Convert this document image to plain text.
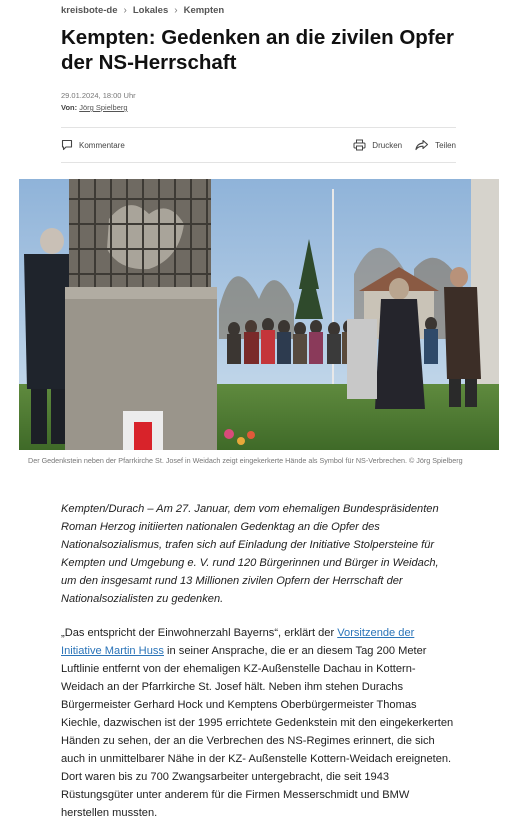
kreisbote-de › Lokales › Kempten
Kempten: Gedenken an die zivilen Opfer der NS-Herrschaft
29.01.2024, 18:00 Uhr
Von: Jörg Spielberg
Kommentare	Drucken	Teilen
Der Gedenkstein neben der Pfarrkirche St. Josef in Weidach zeigt eingekerkerte Hände als Symbol für NS-Verbrechen. © Jörg Spielberg

Kempten/Durach – Am 27. Januar, dem vom ehemaligen Bundespräsidenten Roman Herzog initiierten nationalen Gedenktag an die Opfer des Nationalsozialismus, trafen sich auf Einladung der Initiative Stolpersteine für Kempten und Umgebung e. V. rund 120 Bürgerinnen und Bürger in Weidach, um den insgesamt rund 13 Millionen zivilen Opfern der Herrschaft der Nationalsozialisten zu gedenken.

„Das entspricht der Einwohnerzahl Bayerns“, erklärt der Vorsitzende der Initiative Martin Huss in seiner Ansprache, die er an diesem Tag 200 Meter Luftlinie entfernt von der ehemaligen KZ-Außenstelle Dachau in Kottern-Weidach an der Pfarrkirche St. Josef hält. Neben ihm stehen Durachs Bürgermeister Gerhard Hock und Kemptens Oberbürgermeister Thomas Kiechle, dazwischen ist der 1995 errichtete Gedenkstein mit den eingekerkerten Händen zu sehen, der an die Verbrechen des NS-Regimes erinnert, die sich auch in unmittelbarer Nähe in der KZ- Außenstelle Kottern-Weidach ereigneten. Dort waren bis zu 700 Zwangsarbeiter untergebracht, die seit 1943 Rüstungsgüter unter anderem für die Firmen Messerschmidt und BMW herstellen mussten.
